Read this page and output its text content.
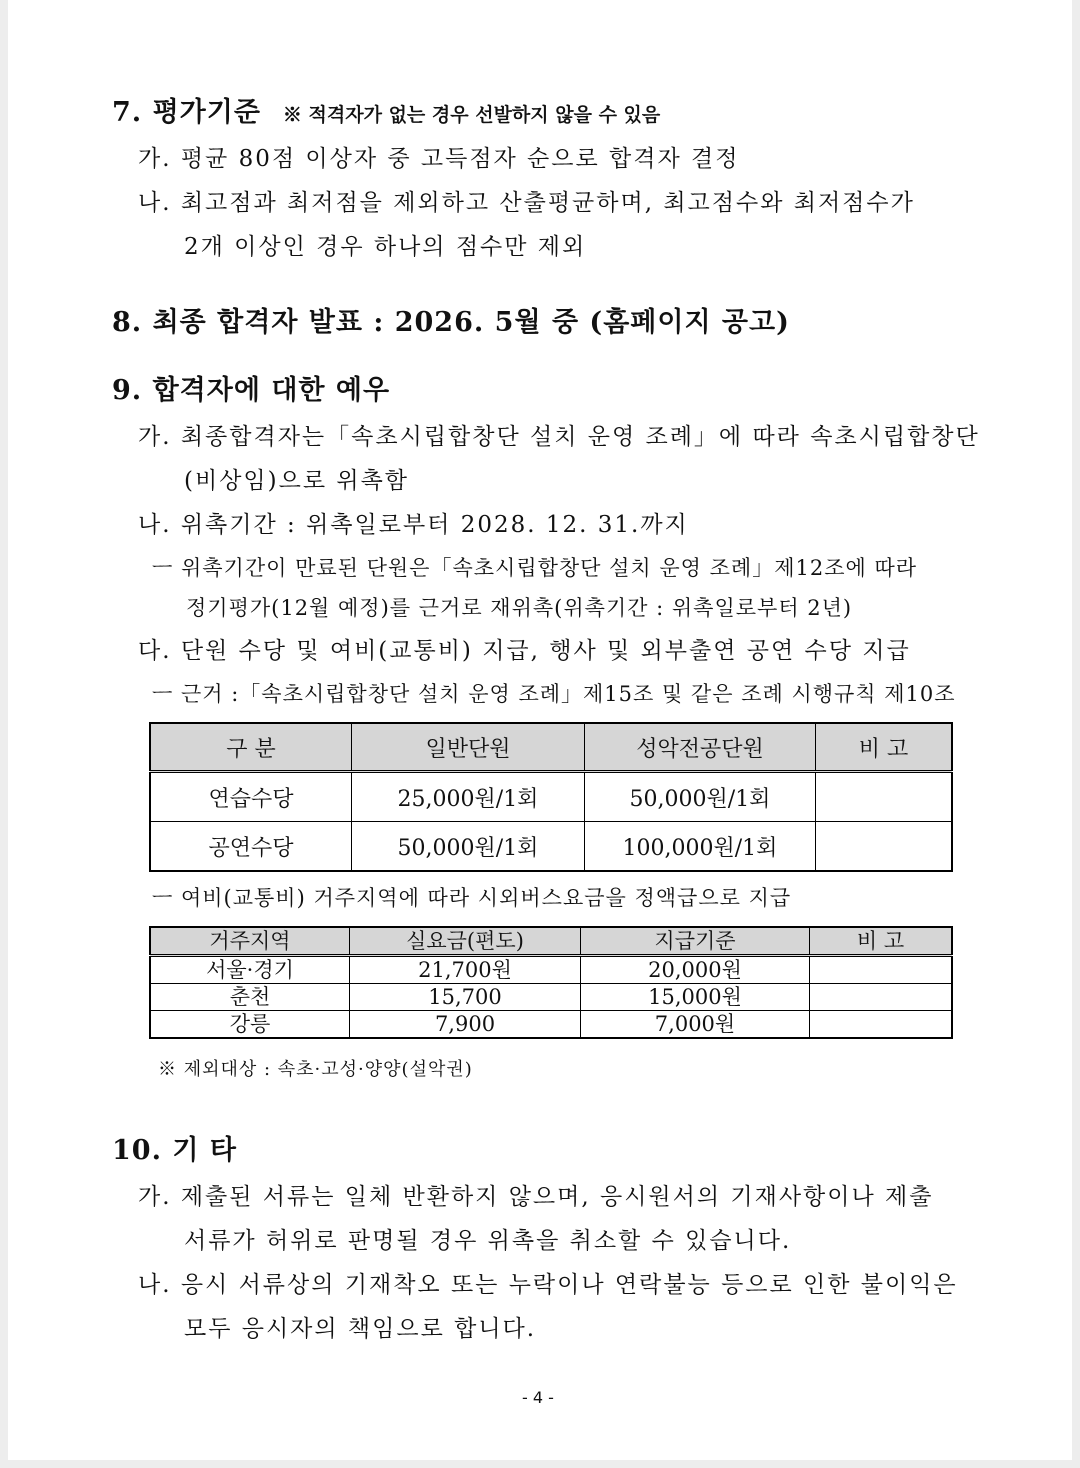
7. 평가기준 ※ 적격자가 없는 경우 선발하지 않을 수 있음
가. 평균 80점 이상자 중 고득점자 순으로 합격자 결정
나. 최고점과 최저점을 제외하고 산출평균하며, 최고점수와 최저점수가
2개 이상인 경우 하나의 점수만 제외
8. 최종 합격자 발표 : 2026. 5월 중 (홈페이지 공고)
9. 합격자에 대한 예우
가. 최종합격자는「속초시립합창단 설치 운영 조례」에 따라 속초시립합창단
(비상임)으로 위촉함
나. 위촉기간 : 위촉일로부터 2028. 12. 31.까지
ㅡ 위촉기간이 만료된 단원은「속초시립합창단 설치 운영 조례」제12조에 따라
정기평가(12월 예정)를 근거로 재위촉(위촉기간 : 위촉일로부터 2년)
다. 단원 수당 및 여비(교통비) 지급, 행사 및 외부출연 공연 수당 지급
ㅡ 근거 :「속초시립합창단 설치 운영 조례」제15조 및 같은 조례 시행규칙 제10조
구 분	일반단원	성악전공단원	비 고
연습수당	25,000원/1회	50,000원/1회	
공연수당	50,000원/1회	100,000원/1회	
ㅡ 여비(교통비) 거주지역에 따라 시외버스요금을 정액급으로 지급
거주지역	실요금(편도)	지급기준	비 고
서울·경기	21,700원	20,000원	
춘천	15,700	15,000원	
강릉	7,900	7,000원	
※ 제외대상 : 속초·고성·양양(설악권)
10. 기 타
가. 제출된 서류는 일체 반환하지 않으며, 응시원서의 기재사항이나 제출
서류가 허위로 판명될 경우 위촉을 취소할 수 있습니다.
나. 응시 서류상의 기재착오 또는 누락이나 연락불능 등으로 인한 불이익은
모두 응시자의 책임으로 합니다.
- 4 -
